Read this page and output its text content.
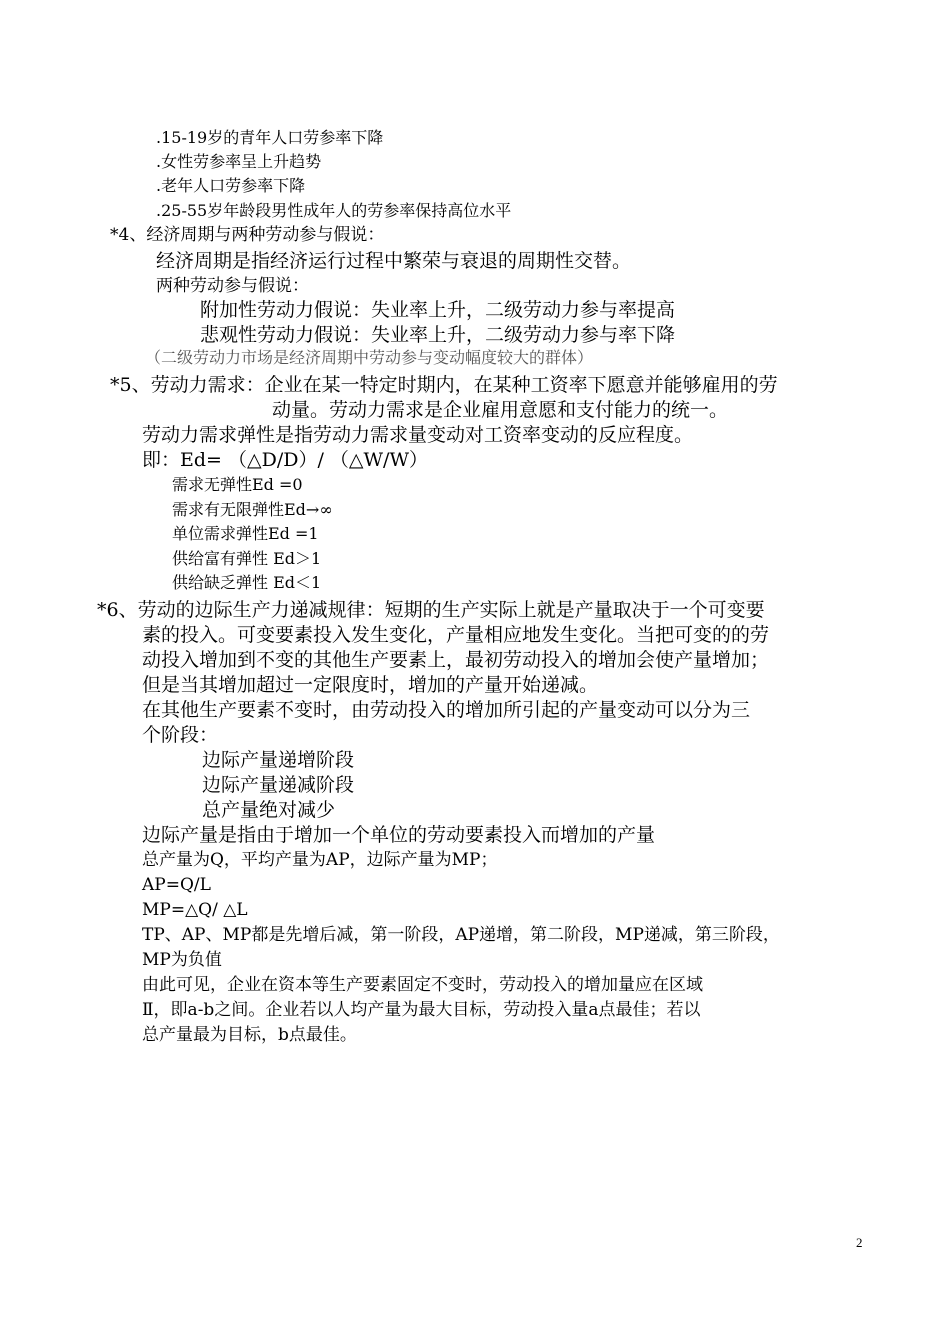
.15-19岁的青年人口劳参率下降
.女性劳参率呈上升趋势
.老年人口劳参率下降
.25-55岁年龄段男性成年人的劳参率保持高位水平
*4、经济周期与两种劳动参与假说：
经济周期是指经济运行过程中繁荣与衰退的周期性交替。
两种劳动参与假说：
附加性劳动力假说：失业率上升，二级劳动力参与率提高
悲观性劳动力假说：失业率上升，二级劳动力参与率下降
（二级劳动力市场是经济周期中劳动参与变动幅度较大的群体）
*5、劳动力需求：企业在某一特定时期内，在某种工资率下愿意并能够雇用的劳
动量。劳动力需求是企业雇用意愿和支付能力的统一。
劳动力需求弹性是指劳动力需求量变动对工资率变动的反应程度。
即：Ed= （△D/D）/ （△W/W）
需求无弹性Ed =0
需求有无限弹性Ed→∞
单位需求弹性Ed =1
供给富有弹性 Ed＞1
供给缺乏弹性 Ed＜1
*6、劳动的边际生产力递减规律：短期的生产实际上就是产量取决于一个可变要
素的投入。可变要素投入发生变化，产量相应地发生变化。当把可变的的劳
动投入增加到不变的其他生产要素上，最初劳动投入的增加会使产量增加；
但是当其增加超过一定限度时，增加的产量开始递减。
在其他生产要素不变时，由劳动投入的增加所引起的产量变动可以分为三
个阶段：
边际产量递增阶段
边际产量递减阶段
总产量绝对减少
边际产量是指由于增加一个单位的劳动要素投入而增加的产量
总产量为Q，平均产量为AP，边际产量为MP；
AP=Q/L
MP=△Q/ △L
TP、AP、MP都是先增后减，第一阶段，AP递增，第二阶段，MP递减，第三阶段，
MP为负值
由此可见，企业在资本等生产要素固定不变时，劳动投入的增加量应在区域
Ⅱ，即a-b之间。企业若以人均产量为最大目标，劳动投入量a点最佳；若以
总产量最为目标，b点最佳。
2
